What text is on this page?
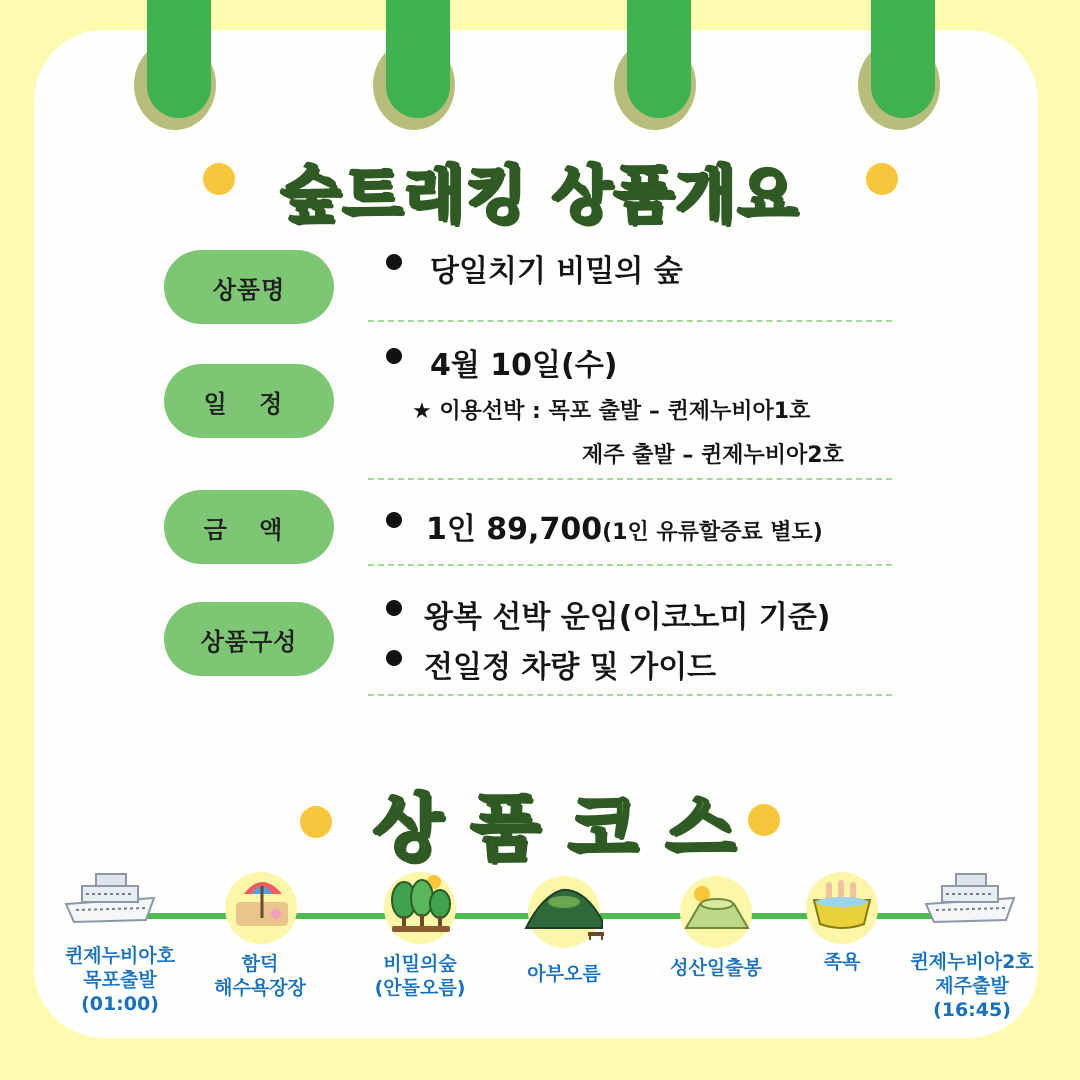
숲트래킹 상품개요
상품명
당일치기 비밀의 숲
일 정
4월 10일(수)
★ 이용선박 : 목포 출발 – 퀸제누비아1호
제주 출발 – 퀸제누비아2호
금 액	1인 89,700(1인 유류할증료 별도)
상품구성
왕복 선박 운임(이코노미 기준)
전일정 차량 및 가이드
상품코스
퀸제누비아호
목포출발
(01:00)
함덕
해수욕장장
비밀의숲
(안돌오름)
아부오름	성산일출봉	족욕	퀸제누비아2호
제주출발
(16:45)
